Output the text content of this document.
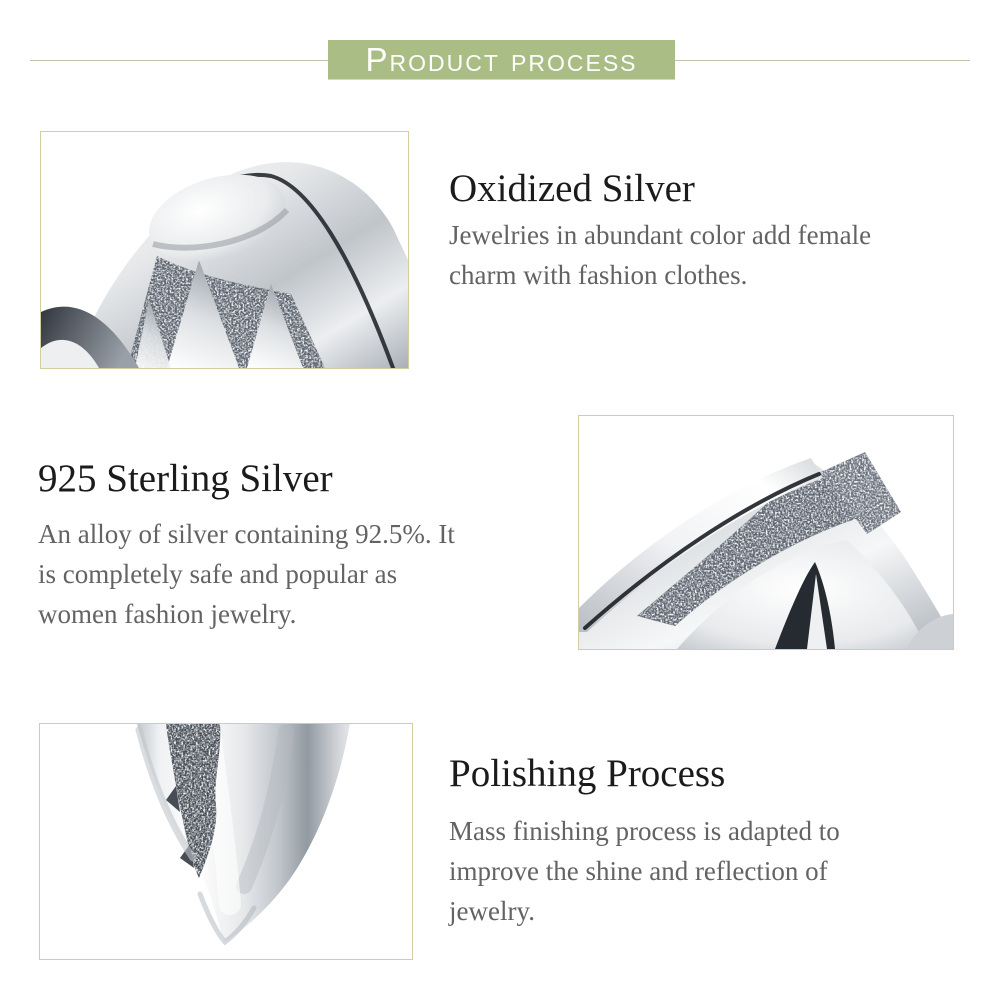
Product process
Oxidized Silver

Jewelries in abundant color add female
charm with fashion clothes.

925 Sterling Silver

An alloy of silver containing 92.5%. It
is completely safe and popular as
women fashion jewelry.

Polishing Process

Mass finishing process is adapted to
improve the shine and reflection of
jewelry.
